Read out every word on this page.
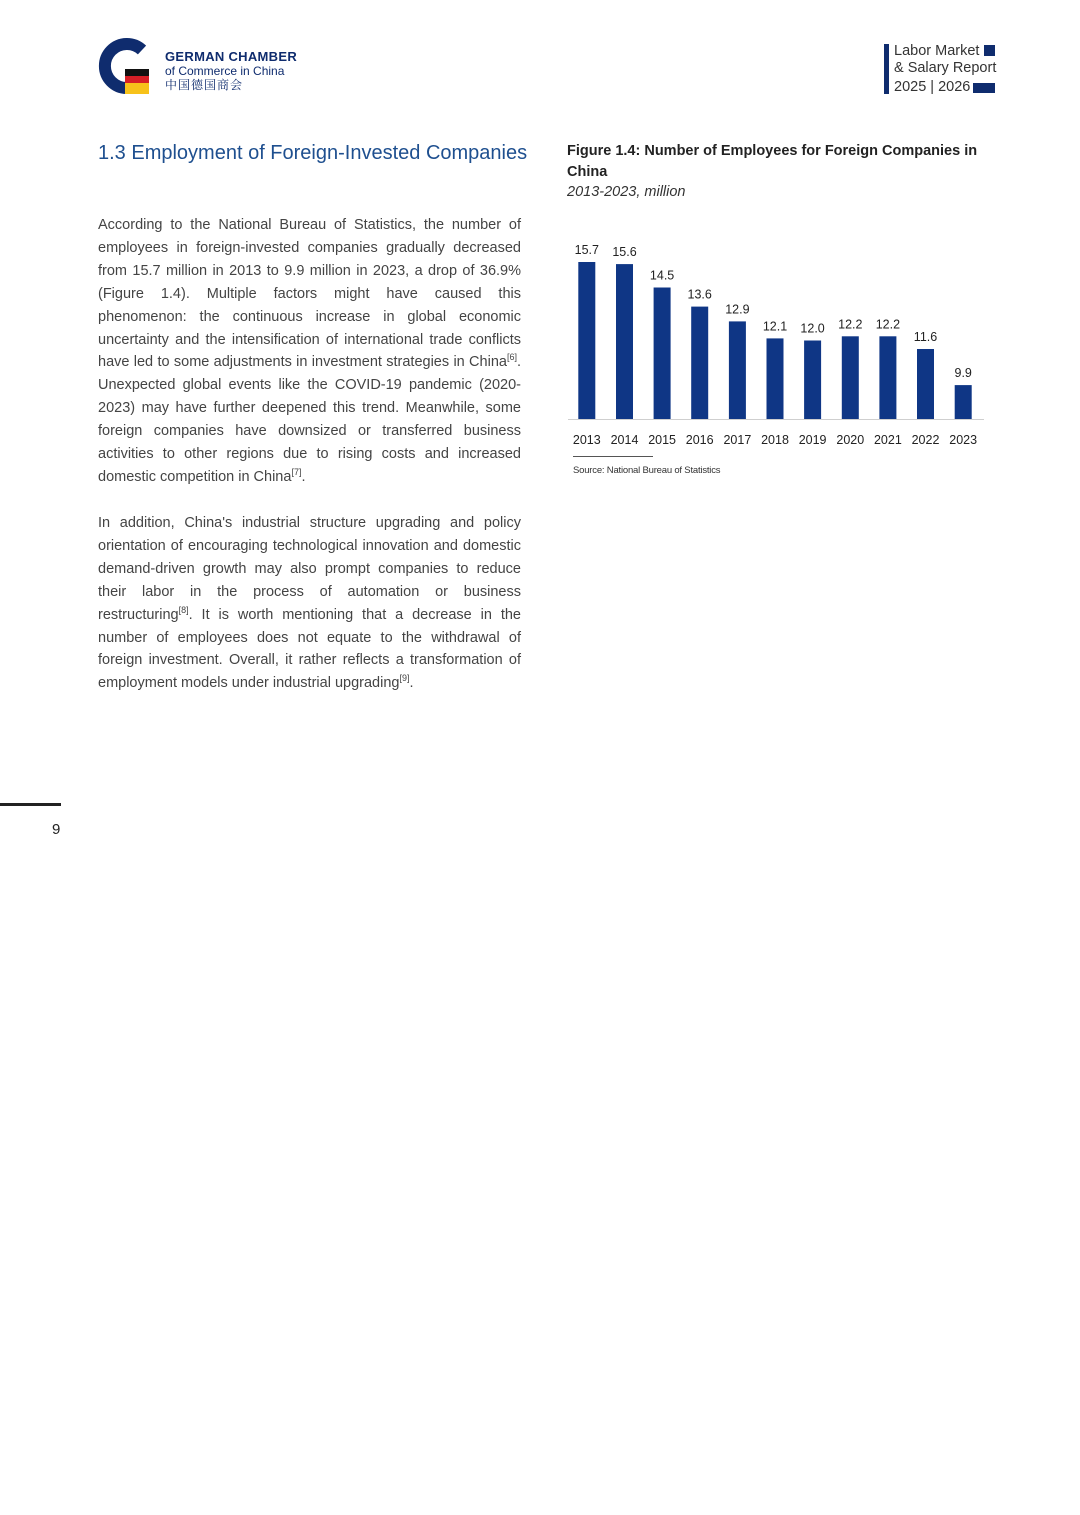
GERMAN CHAMBER
of Commerce in China
中国德国商会
Labor Market
& Salary Report
2025 | 2026
1.3 Employment of Foreign-Invested Companies
According to the National Bureau of Statistics, the number of employees in foreign-invested companies gradually decreased from 15.7 million in 2013 to 9.9 million in 2023, a drop of 36.9% (Figure 1.4). Multiple factors might have caused this phenomenon: the continuous increase in global economic uncertainty and the intensification of international trade conflicts have led to some adjustments in investment strategies in China[6]. Unexpected global events like the COVID-19 pandemic (2020-2023) may have further deepened this trend. Meanwhile, some foreign companies have downsized or transferred business activities to other regions due to rising costs and increased domestic competition in China[7].
In addition, China's industrial structure upgrading and policy orientation of encouraging technological innovation and domestic demand-driven growth may also prompt companies to reduce their labor in the process of automation or business restructuring[8]. It is worth mentioning that a decrease in the number of employees does not equate to the withdrawal of foreign investment. Overall, it rather reflects a transformation of employment models under industrial upgrading[9].
Figure 1.4: Number of Employees for Foreign Companies in China
2013-2023, million
15.7
2013
15.6
2014
14.5
2015
13.6
2016
12.9
2017
12.1
2018
12.0
2019
12.2
2020
12.2
2021
11.6
2022
9.9
2023
Source: National Bureau of Statistics
9
